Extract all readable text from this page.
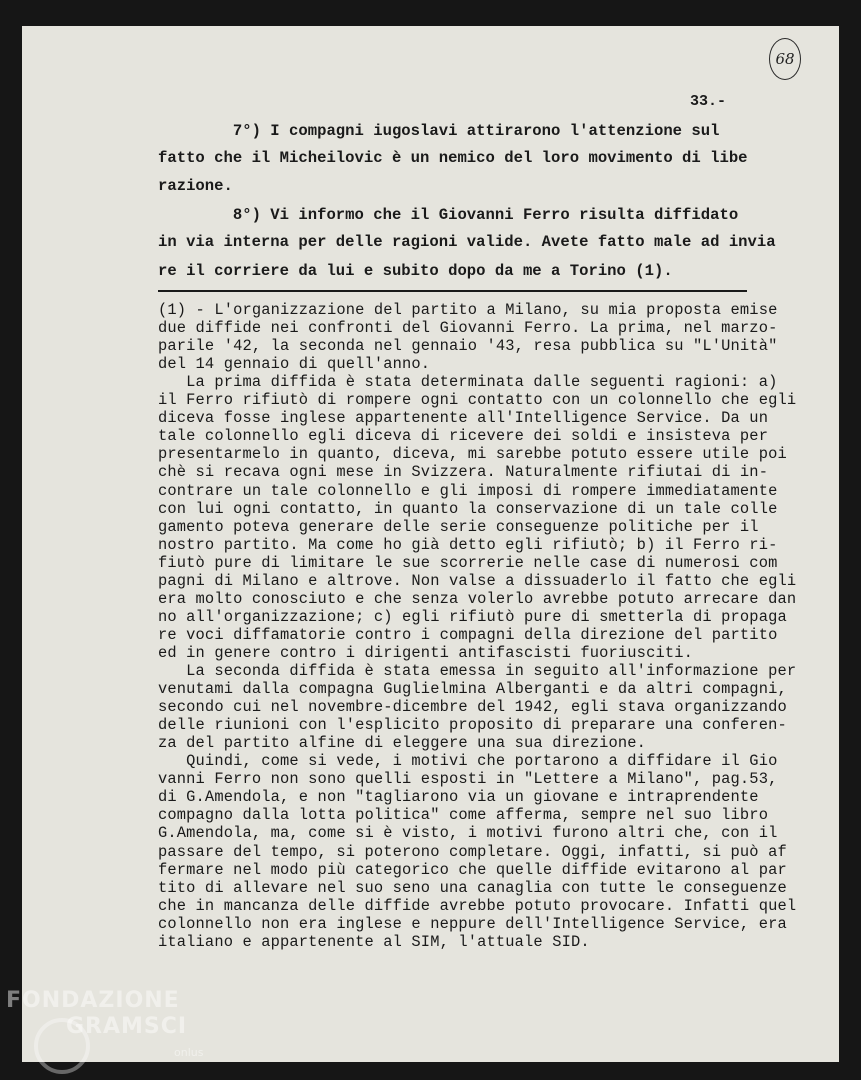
68
33.-
7°) I compagni iugoslavi attirarono l'attenzione sul
fatto che il Micheilovic è un nemico del loro movimento di libe
razione.
8°) Vi informo che il Giovanni Ferro risulta diffidato
in via interna per delle ragioni valide. Avete fatto male ad invia
re il corriere da lui e subito dopo da me a Torino (1).
(1) - L'organizzazione del partito a Milano, su mia proposta emise
due diffide nei confronti del Giovanni Ferro. La prima, nel marzo-
parile '42, la seconda nel gennaio '43, resa pubblica su "L'Unità"
del 14 gennaio di quell'anno.
La prima diffida è stata determinata dalle seguenti ragioni: a)
il Ferro rifiutò di rompere ogni contatto con un colonnello che egli
diceva fosse inglese appartenente all'Intelligence Service. Da un
tale colonnello egli diceva di ricevere dei soldi e insisteva per
presentarmelo in quanto, diceva, mi sarebbe potuto essere utile poi
chè si recava ogni mese in Svizzera. Naturalmente rifiutai di in-
contrare un tale colonnello e gli imposi di rompere immediatamente
con lui ogni contatto, in quanto la conservazione di un tale colle
gamento poteva generare delle serie conseguenze politiche per il
nostro partito. Ma come ho già detto egli rifiutò; b) il Ferro ri-
fiutò pure di limitare le sue scorrerie nelle case di numerosi com
pagni di Milano e altrove. Non valse a dissuaderlo il fatto che egli
era molto conosciuto e che senza volerlo avrebbe potuto arrecare dan
no all'organizzazione; c) egli rifiutò pure di smetterla di propaga
re voci diffamatorie contro i compagni della direzione del partito
ed in genere contro i dirigenti antifascisti fuoriusciti.
La seconda diffida è stata emessa in seguito all'informazione per
venutami dalla compagna Guglielmina Alberganti e da altri compagni,
secondo cui nel novembre-dicembre del 1942, egli stava organizzando
delle riunioni con l'esplicito proposito di preparare una conferen-
za del partito alfine di eleggere una sua direzione.
Quindi, come si vede, i motivi che portarono a diffidare il Gio
vanni Ferro non sono quelli esposti in "Lettere a Milano", pag.53,
di G.Amendola, e non "tagliarono via un giovane e intraprendente
compagno dalla lotta politica" come afferma, sempre nel suo libro
G.Amendola, ma, come si è visto, i motivi furono altri che, con il
passare del tempo, si poterono completare. Oggi, infatti, si può af
fermare nel modo più categorico che quelle diffide evitarono al par
tito di allevare nel suo seno una canaglia con tutte le conseguenze
che in mancanza delle diffide avrebbe potuto provocare. Infatti quel
colonnello non era inglese e neppure dell'Intelligence Service, era
italiano e appartenente al SIM, l'attuale SID.
FONDAZIONE
GRAMSCI
onlus
